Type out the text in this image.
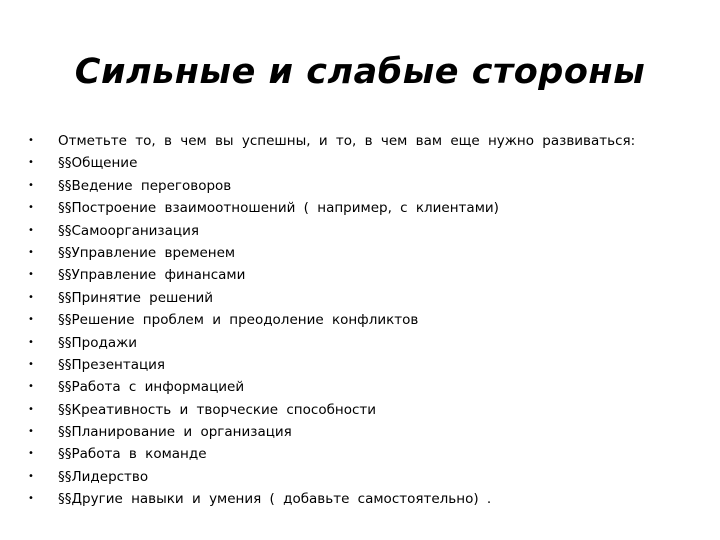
Сильные и слабые стороны
• Отметьте то, в чем вы успешны, и то, в чем вам еще нужно развиваться:
• §§Общение
• §§Ведение переговоров
• §§Построение взаимоотношений ( например, с клиентами)
• §§Самоорганизация
• §§Управление временем
• §§Управление финансами
• §§Принятие решений
• §§Решение проблем и преодоление конфликтов
• §§Продажи
• §§Презентация
• §§Работа с информацией
• §§Креативность и творческие способности
• §§Планирование и организация
• §§Работа в команде
• §§Лидерство
• §§Другие навыки и умения ( добавьте самостоятельно) .
